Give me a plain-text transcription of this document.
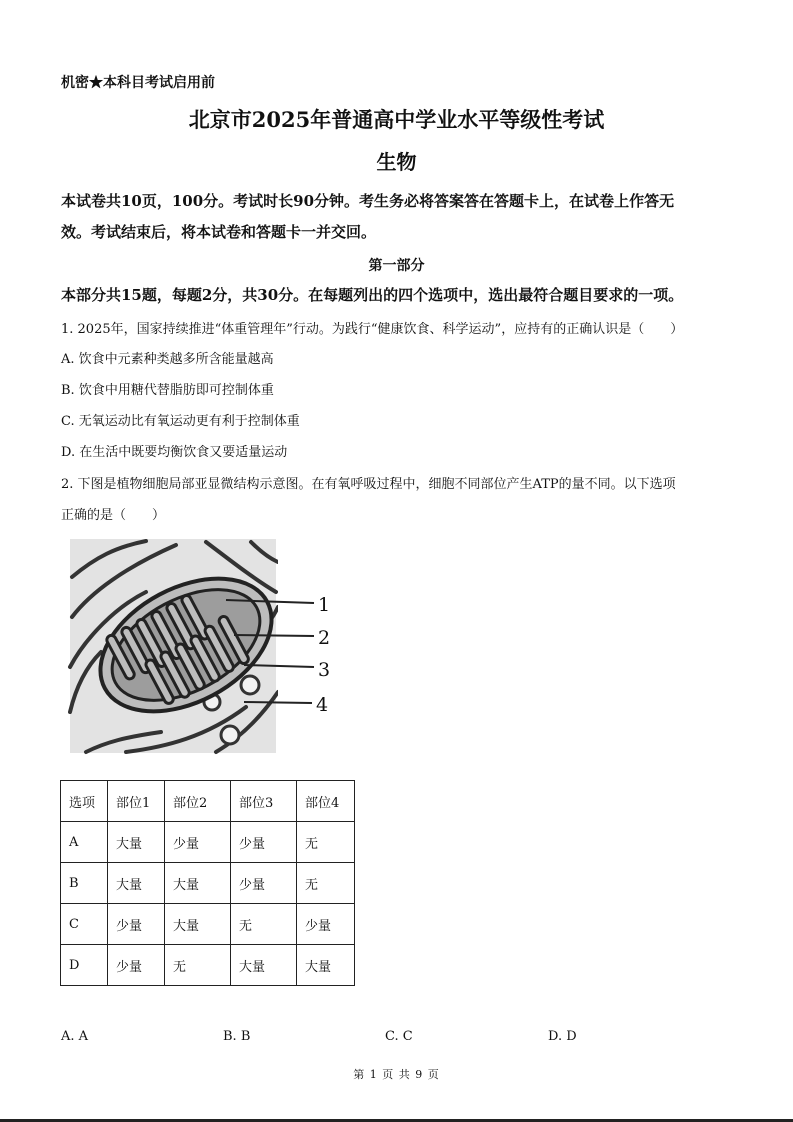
机密★本科目考试启用前
北京市2025年普通高中学业水平等级性考试
生物
本试卷共10页，100分。考试时长90分钟。考生务必将答案答在答题卡上，在试卷上作答无
效。考试结束后，将本试卷和答题卡一并交回。
第一部分
本部分共15题，每题2分，共30分。在每题列出的四个选项中，选出最符合题目要求的一项。
1. 2025年，国家持续推进“体重管理年”行动。为践行“健康饮食、科学运动”，应持有的正确认识是（　　）
A. 饮食中元素种类越多所含能量越高
B. 饮食中用糖代替脂肪即可控制体重
C. 无氧运动比有氧运动更有利于控制体重
D. 在生活中既要均衡饮食又要适量运动
2. 下图是植物细胞局部亚显微结构示意图。在有氧呼吸过程中，细胞不同部位产生ATP的量不同。以下选项
正确的是（　　）
1
2
3
4
选项	部位1	部位2	部位3	部位4
A	大量	少量	少量	无
B	大量	大量	少量	无
C	少量	大量	无	少量
D	少量	无	大量	大量
A. A	B. B	C. C	D. D
第 1 页 共 9 页
